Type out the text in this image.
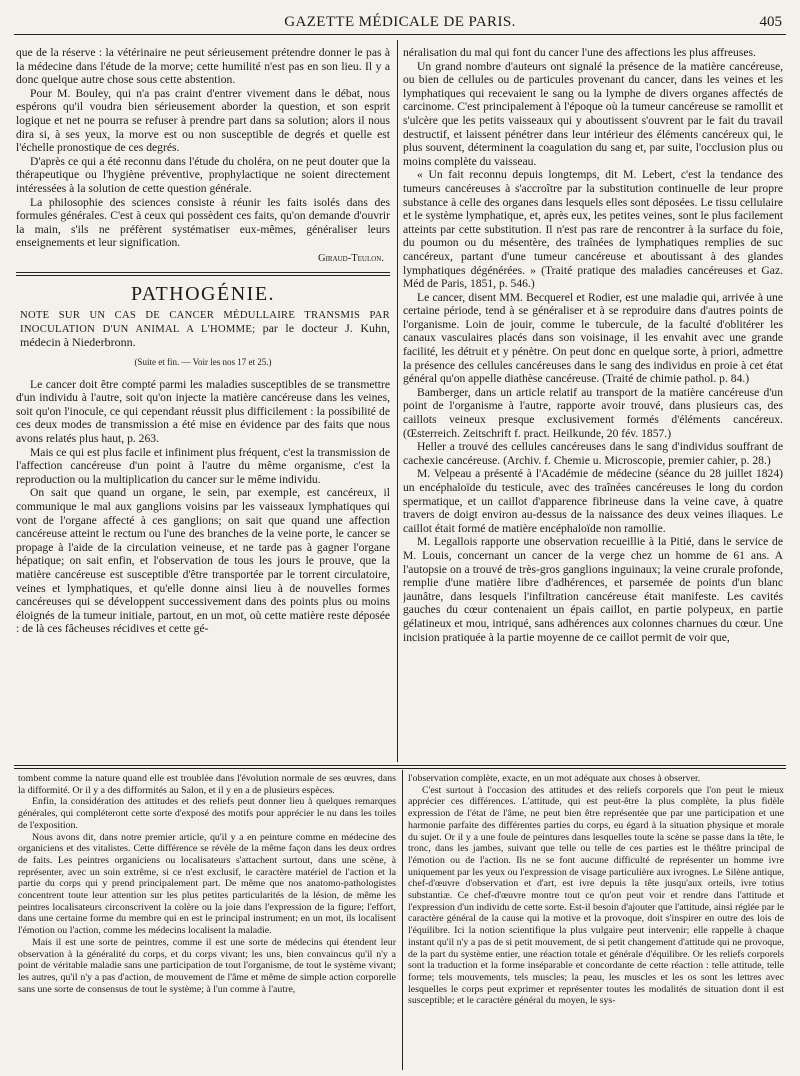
GAZETTE MÉDICALE DE PARIS.	405

que de la réserve : la vétérinaire ne peut sérieusement prétendre donner le pas à la médecine dans l'étude de la morve; cette humilité n'est pas en son lieu. Il y a donc quelque autre chose sous cette abstention.

Pour M. Bouley, qui n'a pas craint d'entrer vivement dans le débat, nous espérons qu'il voudra bien sérieusement aborder la question, et son esprit logique et net ne pourra se refuser à prendre part dans sa solution; alors il nous dira si, à ses yeux, la morve est ou non susceptible de degrés et quelle est l'échelle pronostique de ces degrés.

D'après ce qui a été reconnu dans l'étude du choléra, on ne peut douter que la thérapeutique ou l'hygiène préventive, prophylactique ne soient directement intéressées à la solution de cette question générale.

La philosophie des sciences consiste à réunir les faits isolés dans des formules générales. C'est à ceux qui possèdent ces faits, qu'on demande d'ouvrir la main, s'ils ne préfèrent systématiser eux-mêmes, généraliser leurs enseignements et leur signification.

Giraud-Teulon.
PATHOGÉNIE.
NOTE SUR UN CAS DE CANCER MÉDULLAIRE TRANSMIS PAR INOCULATION D'UN ANIMAL A L'HOMME; par le docteur J. Kuhn, médecin à Niederbronn.
(Suite et fin. — Voir les nos 17 et 25.)

Le cancer doit être compté parmi les maladies susceptibles de se transmettre d'un individu à l'autre, soit qu'on injecte la matière cancéreuse dans les veines, soit qu'on l'inocule, ce qui cependant réussit plus difficilement : la possibilité de ces deux modes de transmission a été mise en évidence par des faits que nous avons relatés plus haut, p. 263.

Mais ce qui est plus facile et infiniment plus fréquent, c'est la transmission de l'affection cancéreuse d'un point à l'autre du même organisme, c'est la reproduction ou la multiplication du cancer sur le même individu.

On sait que quand un organe, le sein, par exemple, est cancéreux, il communique le mal aux ganglions voisins par les vaisseaux lymphatiques qui vont de l'organe affecté à ces ganglions; on sait que quand une affection cancéreuse atteint le rectum ou l'une des branches de la veine porte, le cancer se propage à l'aide de la circulation veineuse, et ne tarde pas à gagner l'organe hépatique; on sait enfin, et l'observation de tous les jours le prouve, que la matière cancéreuse est susceptible d'être transportée par le torrent circulatoire, veines et lymphatiques, et qu'elle donne ainsi lieu à de nouvelles formes cancéreuses qui se développent successivement dans des points plus ou moins éloignés de la tumeur initiale, partout, en un mot, où cette matière reste déposée : de là ces fâcheuses récidives et cette gé-

néralisation du mal qui font du cancer l'une des affections les plus affreuses.

Un grand nombre d'auteurs ont signalé la présence de la matière cancéreuse, ou bien de cellules ou de particules provenant du cancer, dans les veines et les lymphatiques qui recevaient le sang ou la lymphe de divers organes affectés de carcinome. C'est principalement à l'époque où la tumeur cancéreuse se ramollit et s'ulcère que les petits vaisseaux qui y aboutissent s'ouvrent par le fait du travail destructif, et laissent pénétrer dans leur intérieur des éléments cancéreux qui, le plus souvent, déterminent la coagulation du sang et, par suite, l'occlusion plus ou moins complète du vaisseau.

« Un fait reconnu depuis longtemps, dit M. Lebert, c'est la tendance des tumeurs cancéreuses à s'accroître par la substitution continuelle de leur propre substance à celle des organes dans lesquels elles sont déposées. Le tissu cellulaire et le système lymphatique, et, après eux, les petites veines, sont le plus facilement atteints par cette substitution. Il n'est pas rare de rencontrer à la surface du foie, du poumon ou du mésentère, des traînées de lymphatiques remplies de suc cancéreux, partant d'une tumeur cancéreuse et aboutissant à des glandes lymphatiques dégénérées. » (Traité pratique des maladies cancéreuses et Gaz. Méd de Paris, 1851, p. 546.)

Le cancer, disent MM. Becquerel et Rodier, est une maladie qui, arrivée à une certaine période, tend à se généraliser et à se reproduire dans d'autres points de l'organisme. Loin de jouir, comme le tubercule, de la faculté d'oblitérer les canaux vasculaires placés dans son voisinage, il les envahit avec une grande facilité, les détruit et y pénètre. On peut donc en quelque sorte, à priori, admettre la présence des cellules cancéreuses dans le sang des individus en proie à cet état général qu'on appelle diathèse cancéreuse. (Traité de chimie pathol. p. 84.)

Bamberger, dans un article relatif au transport de la matière cancéreuse d'un point de l'organisme à l'autre, rapporte avoir trouvé, dans plusieurs cas, des caillots veineux presque exclusivement formés d'éléments cancéreux. (Œsterreich. Zeitschrift f. pract. Heilkunde, 20 fév. 1857.)

Heller a trouvé des cellules cancéreuses dans le sang d'individus souffrant de cachexie cancéreuse. (Archiv. f. Chemie u. Microscopie, premier cahier, p. 28.)

M. Velpeau a présenté à l'Académie de médecine (séance du 28 juillet 1824) un encéphaloïde du testicule, avec des traînées cancéreuses le long du cordon spermatique, et un caillot d'apparence fibrineuse dans la veine cave, à quatre travers de doigt environ au-dessus de la naissance des deux veines iliaques. Le caillot était formé de matière encéphaloïde non ramollie.

M. Legallois rapporte une observation recueillie à la Pitié, dans le service de M. Louis, concernant un cancer de la verge chez un homme de 61 ans. A l'autopsie on a trouvé de très-gros ganglions inguinaux; la veine crurale profonde, remplie d'une matière libre d'adhérences, et parsemée de points d'un blanc jaunâtre, dans lesquels l'infiltration cancéreuse était manifeste. Les cavités gauches du cœur contenaient un épais caillot, en partie polypeux, en partie gélatineux et mou, intriqué, sans adhérences aux colonnes charnues du cœur. Une incision pratiquée à la partie moyenne de ce caillot permit de voir que,

tombent comme la nature quand elle est troublée dans l'évolution normale de ses œuvres, dans la difformité. Or il y a des difformités au Salon, et il y en a de plusieurs espèces.

Enfin, la considération des attitudes et des reliefs peut donner lieu à quelques remarques générales, qui compléteront cette sorte d'exposé des motifs pour apprécier le nu dans les toiles de l'exposition.

Nous avons dit, dans notre premier article, qu'il y a en peinture comme en médecine des organiciens et des vitalistes. Cette différence se révèle de la même façon dans les deux ordres de faits. Les peintres organiciens ou localisateurs s'attachent surtout, dans une scène, à représenter, avec un soin extrême, si ce n'est exclusif, le caractère matériel de l'action et la partie du corps qui y prend principalement part. De même que nos anatomo-pathologistes concentrent toute leur attention sur les plus petites particularités de la lésion, de même les peintres localisateurs circonscrivent la colère ou la joie dans l'expression de la figure; l'effort, dans une certaine forme du membre qui en est le principal instrument; en un mot, ils localisent l'émotion ou l'action, comme les médecins localisent la maladie.

Mais il est une sorte de peintres, comme il est une sorte de médecins qui étendent leur observation à la généralité du corps, et du corps vivant; les uns, bien convaincus qu'il n'y a point de véritable maladie sans une participation de tout l'organisme, de tout le système vivant; les autres, qu'il n'y a pas d'action, de mouvement de l'âme et même de simple action corporelle sans une sorte de consensus de tout le système; à l'un comme à l'autre,

l'observation complète, exacte, en un mot adéquate aux choses à observer.

C'est surtout à l'occasion des attitudes et des reliefs corporels que l'on peut le mieux apprécier ces différences. L'attitude, qui est peut-être la plus complète, la plus fidèle expression de l'état de l'âme, ne peut bien être représentée que par une participation et une harmonie parfaite des différentes parties du corps, eu égard à la situation physique et morale du sujet. Or il y a une foule de peintures dans lesquelles toute la scène se passe dans la tête, le tronc, dans les jambes, suivant que telle ou telle de ces parties est le théâtre principal de l'émotion ou de l'action. Ils ne se font aucune difficulté de représenter un homme ivre uniquement par les yeux ou l'expression de visage particulière aux ivrognes. Le Silène antique, chef-d'œuvre d'observation et d'art, est ivre depuis la tête jusqu'aux orteils, ivre totius substantiæ. Ce chef-d'œuvre montre tout ce qu'on peut voir et rendre dans l'attitude et l'expression d'un individu de cette sorte. Est-il besoin d'ajouter que l'attitude, ainsi réglée par le caractère général de la cause qui la motive et la provoque, doit s'inspirer en outre des lois de l'équilibre. Ici la notion scientifique la plus vulgaire peut intervenir; elle rappelle à chaque instant qu'il n'y a pas de si petit mouvement, de si petit changement d'attitude qui ne provoque, de la part du système entier, une réaction totale et générale d'équilibre. Or les reliefs corporels sont la traduction et la forme inséparable et concordante de cette réaction : telle attitude, telle forme; tels mouvements, tels muscles; la peau, les muscles et les os sont les lettres avec lesquelles le corps peut exprimer et représenter toutes les modalités de situation dont il est susceptible; et le caractère général du moyen, le sys-
